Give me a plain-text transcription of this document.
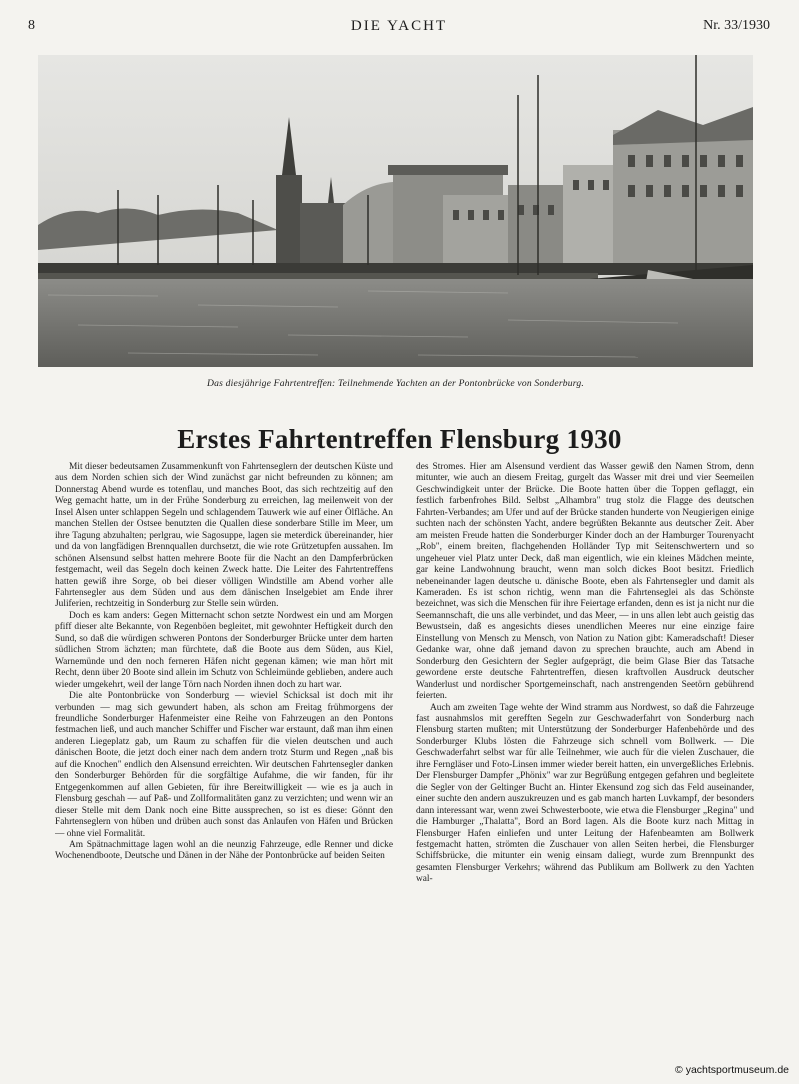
8	DIE YACHT	Nr. 33/1930
Das diesjährige Fahrtentreffen: Teilnehmende Yachten an der Pontonbrücke von Sonderburg.
Erstes Fahrtentreffen Flensburg 1930

Mit dieser bedeutsamen Zusammenkunft von Fahrtenseglern der deutschen Küste und aus dem Norden schien sich der Wind zunächst gar nicht befreunden zu können; am Donnerstag Abend wurde es totenflau, und manches Boot, das sich rechtzeitig auf den Weg gemacht hatte, um in der Frühe Sonderburg zu erreichen, lag meilenweit von der Insel Alsen unter schlappen Segeln und schlagendem Tauwerk wie auf einer Ölfläche. An manchen Stellen der Ostsee benutzten die Quallen diese sonderbare Stille im Meer, um ihre Tagung abzuhalten; perlgrau, wie Sagosuppe, lagen sie meterdick übereinander, hier und da von langfädigen Brennquallen durchsetzt, die wie rote Grützetupfen aussahen. Im schönen Alsensund selbst hatten mehrere Boote für die Nacht an den Dampferbrücken festgemacht, weil das Segeln doch keinen Zweck hatte. Die Leiter des Fahrtentreffens hatten gewiß ihre Sorge, ob bei dieser völligen Windstille am Abend vorher alle Fahrtensegler aus dem Süden und aus dem dänischen Inselgebiet am Ende ihrer Juliferien, rechtzeitig in Sonderburg zur Stelle sein würden.

Doch es kam anders: Gegen Mitternacht schon setzte Nordwest ein und am Morgen pfiff dieser alte Bekannte, von Regenböen begleitet, mit gewohnter Heftigkeit durch den Sund, so daß die würdigen schweren Pontons der Sonderburger Brücke unter dem harten südlichen Strom ächzten; man fürchtete, daß die Boote aus dem Süden, aus Kiel, Warnemünde und den noch ferneren Häfen nicht gegenan kämen; wie man hört mit Recht, denn über 20 Boote sind allein im Schutz von Schleimünde geblieben, andere auch wieder umgekehrt, weil der lange Törn nach Norden ihnen doch zu hart war.

Die alte Pontonbrücke von Sonderburg — wieviel Schicksal ist doch mit ihr verbunden — mag sich gewundert haben, als schon am Freitag frühmorgens der freundliche Sonderburger Hafenmeister eine Reihe von Fahrzeugen an den Pontons festmachen ließ, und auch mancher Schiffer und Fischer war erstaunt, daß man ihm einen anderen Liegeplatz gab, um Raum zu schaffen für die vielen deutschen und auch dänischen Boote, die jetzt doch einer nach dem andern trotz Sturm und Regen „naß bis auf die Knochen" endlich den Alsensund erreichten. Wir deutschen Fahrtensegler danken den Sonderburger Behörden für die sorgfältige Aufahme, die wir fanden, für ihr Entgegenkommen auf allen Gebieten, für ihre Bereitwilligkeit — wie es ja auch in Flensburg geschah — auf Paß- und Zollformalitäten ganz zu verzichten; und wenn wir an dieser Stelle mit dem Dank noch eine Bitte aussprechen, so ist es diese: Gönnt den Fahrtenseglern von hüben und drüben auch sonst das Anlaufen von Häfen und Brücken — ohne viel Formalität.

Am Spätnachmittage lagen wohl an die neunzig Fahrzeuge, edle Renner und dicke Wochenendboote, Deutsche und Dänen in der Nähe der Pontonbrücke auf beiden Seiten

des Stromes. Hier am Alsensund verdient das Wasser gewiß den Namen Strom, denn mitunter, wie auch an diesem Freitag, gurgelt das Wasser mit drei und vier Seemeilen Geschwindigkeit unter der Brücke. Die Boote hatten über die Toppen geflaggt, ein festlich farbenfrohes Bild. Selbst „Alhambra" trug stolz die Flagge des deutschen Fahrten-Verbandes; am Ufer und auf der Brücke standen hunderte von Neugierigen einige suchten nach der schönsten Yacht, andere begrüßten Bekannte aus deutscher Zeit. Aber am meisten Freude hatten die Sonderburger Kinder doch an der Hamburger Tourenyacht „Rob", einem breiten, flachgehenden Holländer Typ mit Seitenschwertern und so ungeheuer viel Platz unter Deck, daß man eigentlich, wie ein kleines Mädchen meinte, gar keine Landwohnung braucht, wenn man solch dickes Boot besitzt. Friedlich nebeneinander lagen deutsche u. dänische Boote, eben als Fahrtensegler und damit als Kameraden. Es ist schon richtig, wenn man die Fahrtenseglei als das Schönste bezeichnet, was sich die Menschen für ihre Feiertage erfanden, denn es ist ja nicht nur die Seemannschaft, die uns alle verbindet, und das Meer, — in uns allen lebt auch geistig das Bewustsein, daß es angesichts dieses unendlichen Meeres nur eine einzige faire Einstellung von Mensch zu Mensch, von Nation zu Nation gibt: Kameradschaft! Dieser Gedanke war, ohne daß jemand davon zu sprechen brauchte, auch am Abend in Sonderburg den Gesichtern der Segler aufgeprägt, die beim Glase Bier das Tatsache gewordene erste deutsche Fahrtentreffen, diesen kraftvollen Ausdruck deutscher Wanderlust und nordischer Sportgemeinschaft, nach anstrengenden Seetörn gebührend feierten.

Auch am zweiten Tage wehte der Wind stramm aus Nordwest, so daß die Fahrzeuge fast ausnahmslos mit gerefften Segeln zur Geschwaderfahrt von Sonderburg nach Flensburg starten mußten; mit Unterstützung der Sonderburger Hafenbehörde und des Sonderburger Klubs lösten die Fahrzeuge sich schnell vom Bollwerk. — Die Geschwaderfahrt selbst war für alle Teilnehmer, wie auch für die vielen Zuschauer, die ihre Ferngläser und Foto-Linsen immer wieder bereit hatten, ein unvergeßliches Erlebnis. Der Flensburger Dampfer „Phönix" war zur Begrüßung entgegen gefahren und begleitete die Segler von der Geltinger Bucht an. Hinter Ekensund zog sich das Feld auseinander, einer suchte den andern auszukreuzen und es gab manch harten Luvkampf, der besonders dann interessant war, wenn zwei Schwesterboote, wie etwa die Flensburger „Regina" und die Hamburger „Thalatta", Bord an Bord lagen. Als die Boote kurz nach Mittag in Flensburger Hafen einliefen und unter Leitung der Hafenbeamten am Bollwerk festgemacht hatten, strömten die Zuschauer von allen Seiten herbei, die Flensburger Schiffsbrücke, die mitunter ein wenig einsam daliegt, wurde zum Brennpunkt des gesamten Flensburger Verkehrs; während das Publikum am Bollwerk zu den Yachten wal-

© yachtsportmuseum.de
